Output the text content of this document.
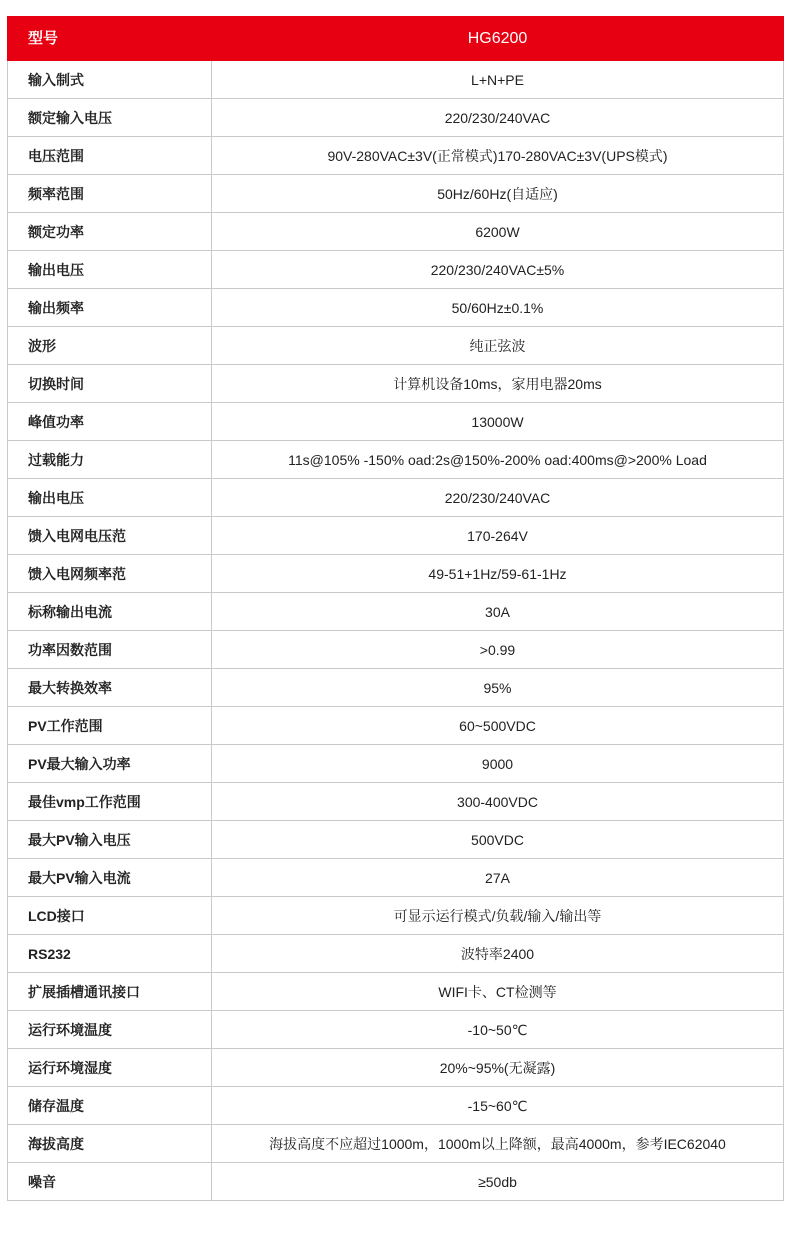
型号	HG6200
输入制式	L+N+PE
额定输入电压	220/230/240VAC
电压范围	90V-280VAC±3V(正常模式)170-280VAC±3V(UPS模式)
频率范围	50Hz/60Hz(自适应)
额定功率	6200W
输出电压	220/230/240VAC±5%
输出频率	50/60Hz±0.1%
波形	纯正弦波
切换时间	计算机设备10ms，家用电器20ms
峰值功率	13000W
过载能力	11s@105% -150% oad:2s@150%-200% oad:400ms@>200% Load
输出电压	220/230/240VAC
馈入电网电压范	170-264V
馈入电网频率范	49-51+1Hz/59-61-1Hz
标称输出电流	30A
功率因数范围	>0.99
最大转换效率	95%
PV工作范围	60~500VDC
PV最大输入功率	9000
最佳vmp工作范围	300-400VDC
最大PV输入电压	500VDC
最大PV输入电流	27A
LCD接口	可显示运行模式/负载/输入/输出等
RS232	波特率2400
扩展插槽通讯接口	WIFI卡、CT检测等
运行环境温度	-10~50℃
运行环境湿度	20%~95%(无凝露)
储存温度	-15~60℃
海拔高度	海拔高度不应超过1000m，1000m以上降额，最高4000m，参考IEC62040
噪音	≥50db
